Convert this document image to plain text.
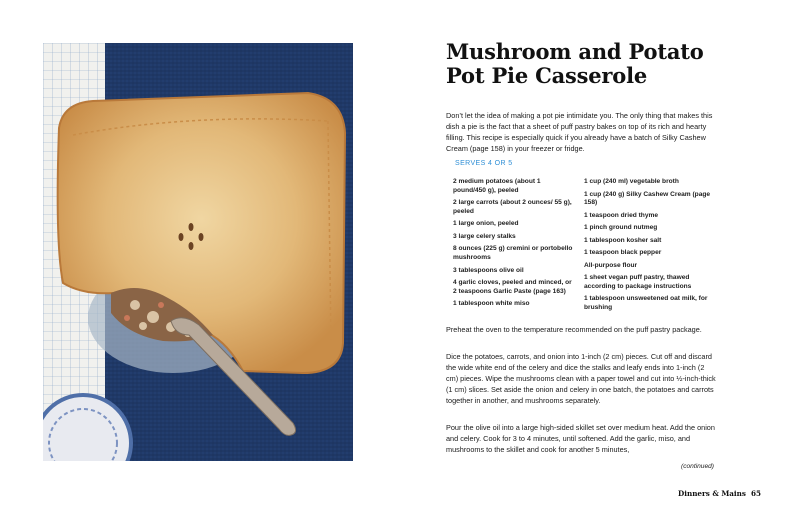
Mushroom and Potato
Pot Pie Casserole

Don’t let the idea of making a pot pie intimidate you. The only thing that makes this dish a pie is the fact that a sheet of puff pastry bakes on top of its rich and hearty filling. This recipe is especially quick if you already have a batch of Silky Cashew Cream (page 158) in your freezer or fridge.

SERVES 4 OR 5

2 medium potatoes (about 1 pound/450 g), peeled
2 large carrots (about 2 ounces/ 55 g), peeled
1 large onion, peeled
3 large celery stalks
8 ounces (225 g) cremini or portobello mushrooms
3 tablespoons olive oil
4 garlic cloves, peeled and minced, or 2 teaspoons Garlic Paste (page 163)
1 tablespoon white miso
1 cup (240 ml) vegetable broth
1 cup (240 g) Silky Cashew Cream (page 158)
1 teaspoon dried thyme
1 pinch ground nutmeg
1 tablespoon kosher salt
1 teaspoon black pepper
All-purpose flour
1 sheet vegan puff pastry, thawed according to package instructions
1 tablespoon unsweetened oat milk, for brushing

Preheat the oven to the temperature recommended on the puff pastry package.

Dice the potatoes, carrots, and onion into 1-inch (2 cm) pieces. Cut off and discard the wide white end of the celery and dice the stalks and leafy ends into 1-inch (2 cm) pieces. Wipe the mushrooms clean with a paper towel and cut into ½-inch-thick (1 cm) slices. Set aside the onion and celery in one batch, the potatoes and carrots together in another, and mushrooms separately.

Pour the olive oil into a large high-sided skillet set over medium heat. Add the onion and celery. Cook for 3 to 4 minutes, until softened. Add the garlic, miso, and mushrooms to the skillet and cook for another 5 minutes,

(continued)

Dinners & Mains 65
